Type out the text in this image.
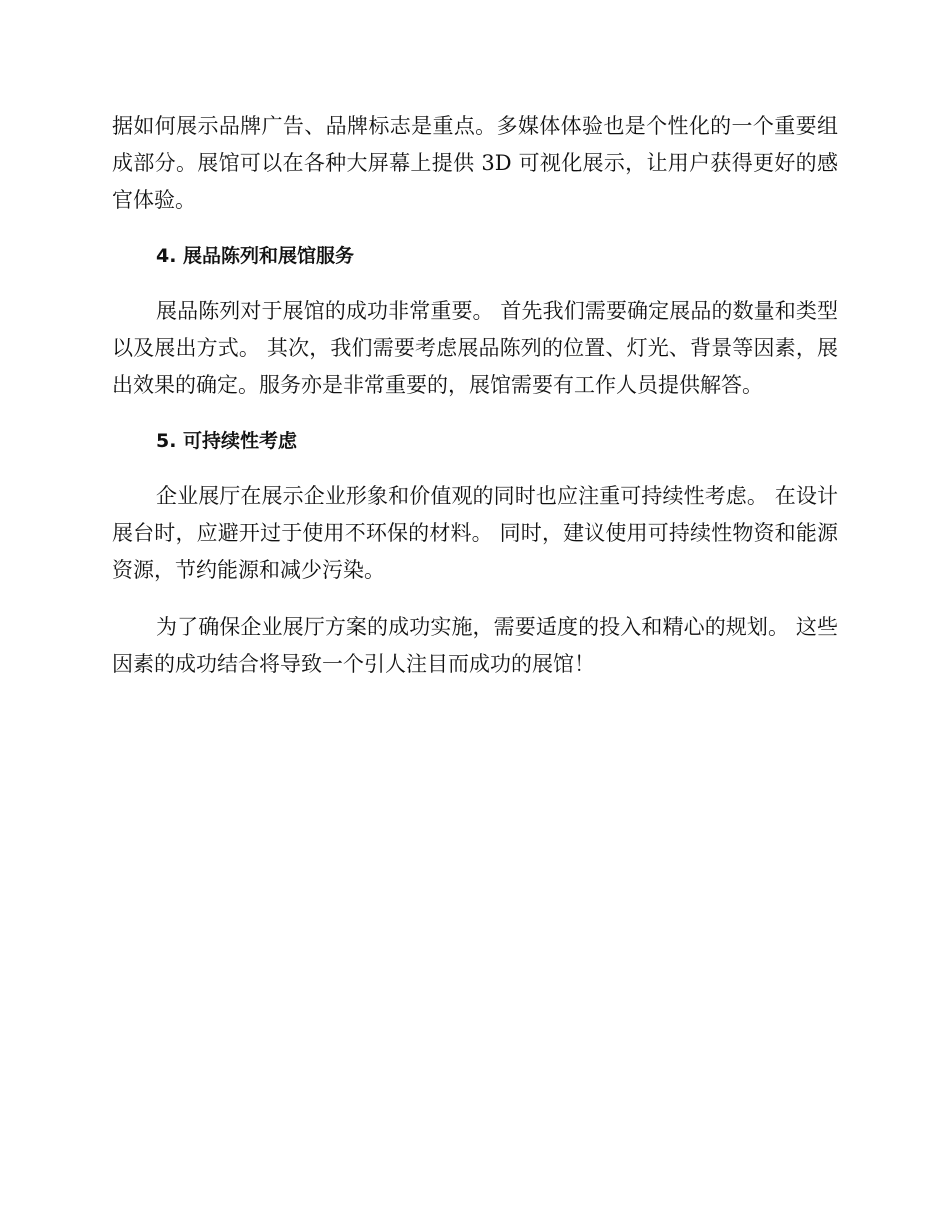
据如何展示品牌广告、品牌标志是重点。多媒体体验也是个性化的一个重要组成部分。展馆可以在各种大屏幕上提供 3D 可视化展示，让用户获得更好的感官体验。

4. 展品陈列和展馆服务

展品陈列对于展馆的成功非常重要。 首先我们需要确定展品的数量和类型以及展出方式。 其次，我们需要考虑展品陈列的位置、灯光、背景等因素，展出效果的确定。服务亦是非常重要的，展馆需要有工作人员提供解答。

5. 可持续性考虑

企业展厅在展示企业形象和价值观的同时也应注重可持续性考虑。 在设计展台时，应避开过于使用不环保的材料。 同时，建议使用可持续性物资和能源资源，节约能源和减少污染。

为了确保企业展厅方案的成功实施，需要适度的投入和精心的规划。 这些因素的成功结合将导致一个引人注目而成功的展馆！
